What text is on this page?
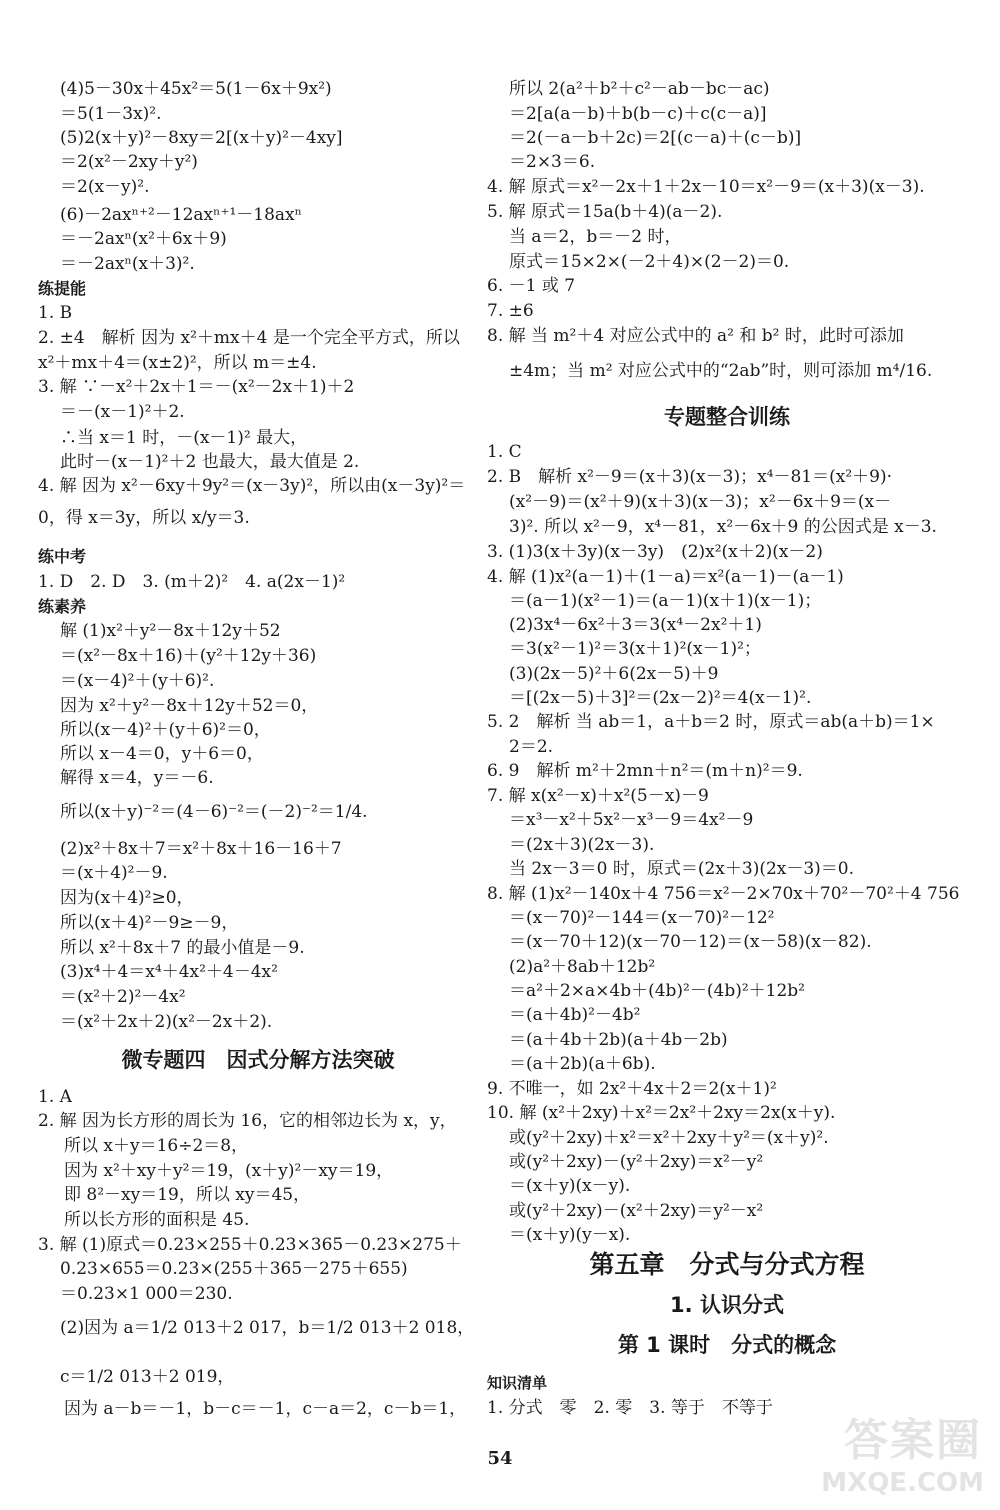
(4)5－30x＋45x²＝5(1－6x＋9x²)
＝5(1－3x)².
(5)2(x＋y)²－8xy＝2[(x＋y)²－4xy]
＝2(x²－2xy＋y²)
＝2(x－y)².
(6)－2axⁿ⁺²－12axⁿ⁺¹－18axⁿ
＝－2axⁿ(x²＋6x＋9)
＝－2axⁿ(x＋3)².
练提能
1. B
2. ±4　解析 因为 x²＋mx＋4 是一个完全平方式，所以
x²＋mx＋4＝(x±2)²，所以 m＝±4.
3. 解 ∵－x²＋2x＋1＝－(x²－2x＋1)＋2
＝－(x－1)²＋2.
∴当 x＝1 时，－(x－1)² 最大，
此时－(x－1)²＋2 也最大，最大值是 2.
4. 解 因为 x²－6xy＋9y²＝(x－3y)²，所以由(x－3y)²＝
0，得 x＝3y，所以 x/y＝3.
练中考
1. D　2. D　3. (m＋2)²　4. a(2x－1)²
练素养
解 (1)x²＋y²－8x＋12y＋52
＝(x²－8x＋16)＋(y²＋12y＋36)
＝(x－4)²＋(y＋6)².
因为 x²＋y²－8x＋12y＋52＝0，
所以(x－4)²＋(y＋6)²＝0，
所以 x－4＝0，y＋6＝0，
解得 x＝4，y＝－6.
所以(x＋y)⁻²＝(4－6)⁻²＝(－2)⁻²＝1/4.
(2)x²＋8x＋7＝x²＋8x＋16－16＋7
＝(x＋4)²－9.
因为(x＋4)²≥0，
所以(x＋4)²－9≥－9，
所以 x²＋8x＋7 的最小值是－9.
(3)x⁴＋4＝x⁴＋4x²＋4－4x²
＝(x²＋2)²－4x²
＝(x²＋2x＋2)(x²－2x＋2).
微专题四　因式分解方法突破
1. A
2. 解 因为长方形的周长为 16，它的相邻边长为 x，y，
所以 x＋y＝16÷2＝8，
因为 x²＋xy＋y²＝19，(x＋y)²－xy＝19，
即 8²－xy＝19，所以 xy＝45，
所以长方形的面积是 45.
3. 解 (1)原式＝0.23×255＋0.23×365－0.23×275＋
0.23×655＝0.23×(255＋365－275＋655)
＝0.23×1 000＝230.
(2)因为 a＝1/2 013＋2 017，b＝1/2 013＋2 018，
c＝1/2 013＋2 019，
因为 a－b＝－1，b－c＝－1，c－a＝2，c－b＝1，
所以 2(a²＋b²＋c²－ab－bc－ac)
＝2[a(a－b)＋b(b－c)＋c(c－a)]
＝2(－a－b＋2c)＝2[(c－a)＋(c－b)]
＝2×3＝6.
4. 解 原式＝x²－2x＋1＋2x－10＝x²－9＝(x＋3)(x－3).
5. 解 原式＝15a(b＋4)(a－2).
当 a＝2，b＝－2 时，
原式＝15×2×(－2＋4)×(2－2)＝0.
6. －1 或 7
7. ±6
8. 解 当 m²＋4 对应公式中的 a² 和 b² 时，此时可添加
±4m；当 m² 对应公式中的“2ab”时，则可添加 m⁴/16.
专题整合训练
1. C
2. B　解析 x²－9＝(x＋3)(x－3)；x⁴－81＝(x²＋9)·
(x²－9)＝(x²＋9)(x＋3)(x－3)；x²－6x＋9＝(x－
3)². 所以 x²－9，x⁴－81，x²－6x＋9 的公因式是 x－3.
3. (1)3(x＋3y)(x－3y)　(2)x²(x＋2)(x－2)
4. 解 (1)x²(a－1)＋(1－a)＝x²(a－1)－(a－1)
＝(a－1)(x²－1)＝(a－1)(x＋1)(x－1)；
(2)3x⁴－6x²＋3＝3(x⁴－2x²＋1)
＝3(x²－1)²＝3(x＋1)²(x－1)²；
(3)(2x－5)²＋6(2x－5)＋9
＝[(2x－5)＋3]²＝(2x－2)²＝4(x－1)².
5. 2　解析 当 ab＝1，a＋b＝2 时，原式＝ab(a＋b)＝1×
2＝2.
6. 9　解析 m²＋2mn＋n²＝(m＋n)²＝9.
7. 解 x(x²－x)＋x²(5－x)－9
＝x³－x²＋5x²－x³－9＝4x²－9
＝(2x＋3)(2x－3).
当 2x－3＝0 时，原式＝(2x＋3)(2x－3)＝0.
8. 解 (1)x²－140x＋4 756＝x²－2×70x＋70²－70²＋4 756
＝(x－70)²－144＝(x－70)²－12²
＝(x－70＋12)(x－70－12)＝(x－58)(x－82).
(2)a²＋8ab＋12b²
＝a²＋2×a×4b＋(4b)²－(4b)²＋12b²
＝(a＋4b)²－4b²
＝(a＋4b＋2b)(a＋4b－2b)
＝(a＋2b)(a＋6b).
9. 不唯一，如 2x²＋4x＋2＝2(x＋1)²
10. 解 (x²＋2xy)＋x²＝2x²＋2xy＝2x(x＋y).
或(y²＋2xy)＋x²＝x²＋2xy＋y²＝(x＋y)².
或(y²＋2xy)－(y²＋2xy)＝x²－y²
＝(x＋y)(x－y).
或(y²＋2xy)－(x²＋2xy)＝y²－x²
＝(x＋y)(y－x).
第五章　分式与分式方程
1. 认识分式
第 1 课时　分式的概念
知识清单
1. 分式　零　2. 零　3. 等于　不等于
54	答案圈
MXQE.COM
